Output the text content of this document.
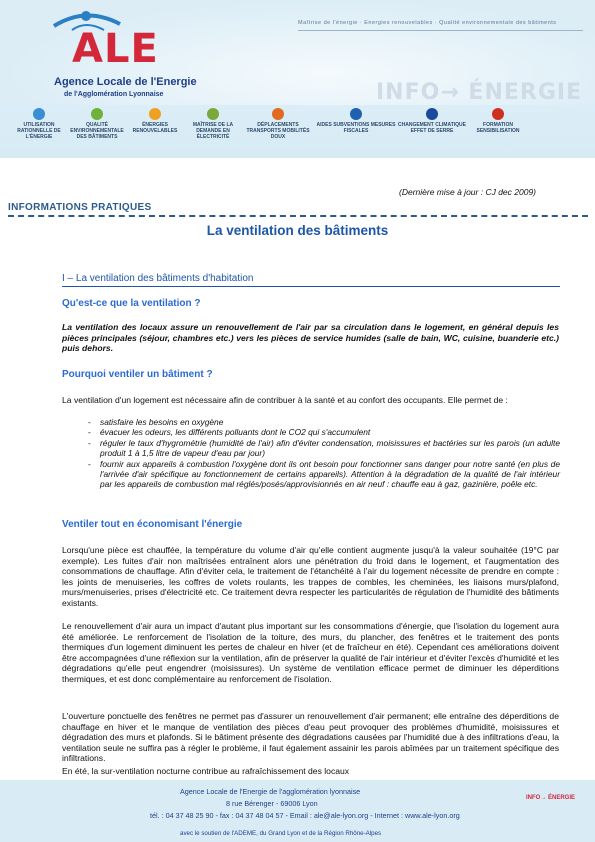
ALE
Agence Locale de l'Energie
de l'Agglomération Lyonnaise
Maîtrise de l'énergie · Energies renouvelables · Qualité environnementale des bâtiments
INFO→ ÉNERGIE
UTILISATION RATIONNELLE DE L'ÉNERGIE
QUALITÉ ENVIRONNEMENTALE DES BÂTIMENTS
ÉNERGIES RENOUVELABLES
MAÎTRISE DE LA DEMANDE EN ÉLECTRICITÉ
DÉPLACEMENTS TRANSPORTS MOBILITÉS DOUX
AIDES SUBVENTIONS MESURES FISCALES
CHANGEMENT CLIMATIQUE EFFET DE SERRE
FORMATION SENSIBILISATION
(Dernière mise à jour : CJ dec 2009)
INFORMATIONS PRATIQUES
La ventilation des bâtiments
I – La ventilation des bâtiments d'habitation
Qu'est-ce que la ventilation ?
La ventilation des locaux assure un renouvellement de l'air par sa circulation dans le logement, en général depuis les pièces principales (séjour, chambres etc.) vers les pièces de service humides (salle de bain, WC, cuisine, buanderie etc.) puis dehors.
Pourquoi ventiler un bâtiment ?
La ventilation d'un logement est nécessaire afin de contribuer à la santé et au confort des occupants. Elle permet de :
- satisfaire les besoins en oxygène
- évacuer les odeurs, les différents polluants dont le CO2 qui s'accumulent
- réguler le taux d'hygrométrie (humidité de l'air) afin d'éviter condensation, moisissures et bactéries sur les parois (un adulte produit 1 à 1,5 litre de vapeur d'eau par jour)
- fournir aux appareils à combustion l'oxygène dont ils ont besoin pour fonctionner sans danger pour notre santé (en plus de l'arrivée d'air spécifique au fonctionnement de certains appareils). Attention à la dégradation de la qualité de l'air intérieur par les appareils de combustion mal réglés/posés/approvisionnés en air neuf : chauffe eau à gaz, gazinière, poêle etc.
Ventiler tout en économisant l'énergie
Lorsqu'une pièce est chauffée, la température du volume d'air qu'elle contient augmente jusqu'à la valeur souhaitée (19°C par exemple). Les fuites d'air non maîtrisées entraînent alors une pénétration du froid dans le logement, et l'augmentation des consommations de chauffage. Afin d'éviter cela, le traitement de l'étanchéité à l'air du logement nécessite de prendre en compte : les joints de menuiseries, les coffres de volets roulants, les trappes de combles, les cheminées, les liaisons murs/plafond, murs/menuiseries, prises d'électricité etc. Ce traitement devra respecter les particularités de régulation de l'humidité des bâtiments existants.
Le renouvellement d'air aura un impact d'autant plus important sur les consommations d'énergie, que l'isolation du logement aura été améliorée. Le renforcement de l'isolation de la toiture, des murs, du plancher, des fenêtres et le traitement des ponts thermiques d'un logement diminuent les pertes de chaleur en hiver (et de fraîcheur en été). Cependant ces améliorations doivent être accompagnées d'une réflexion sur la ventilation, afin de préserver la qualité de l'air intérieur et d'éviter l'excès d'humidité et les dégradations qu'elle peut engendrer (moisissures). Un système de ventilation efficace permet de diminuer les déperditions thermiques, et est donc complémentaire au renforcement de l'isolation.
L'ouverture ponctuelle des fenêtres ne permet pas d'assurer un renouvellement d'air permanent; elle entraîne des déperditions de chauffage en hiver et le manque de ventilation des pièces d'eau peut provoquer des problèmes d'humidité, moisissures et dégradation des murs et plafonds. Si le bâtiment présente des dégradations causées par l'humidité due à des infiltrations d'eau, la ventilation seule ne suffira pas à régler le problème, il faut également assainir les parois abîmées par un traitement spécifique des infiltrations.
En été, la sur-ventilation nocturne contribue au rafraîchissement des locaux
Agence Locale de l'Energie de l'agglomération lyonnaise
8 rue Bérenger - 69006 Lyon
tél. : 04 37 48 25 90 - fax : 04 37 48 04 57 - Email : ale@ale-lyon.org - Internet : www.ale-lyon.org
avec le soutien de l'ADEME, du Grand Lyon et de la Région Rhône-Alpes
INFO→ ÉNERGIE
